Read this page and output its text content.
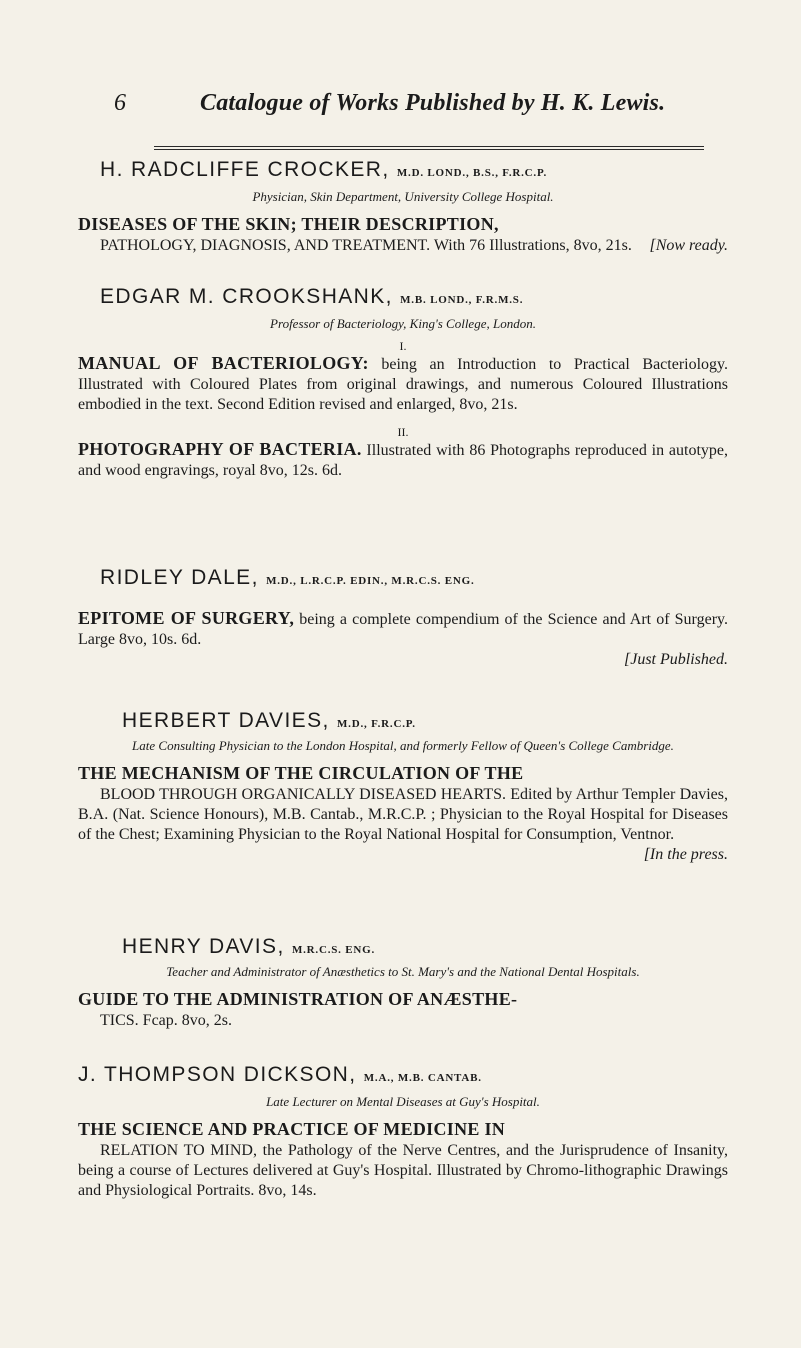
6	Catalogue of Works Published by H. K. Lewis.
H. RADCLIFFE CROCKER, M.D. LOND., B.S., F.R.C.P.
Physician, Skin Department, University College Hospital.

DISEASES OF THE SKIN; THEIR DESCRIPTION,
PATHOLOGY, DIAGNOSIS, AND TREATMENT. With 76 Illustrations, 8vo, 21s. [Now ready.

EDGAR M. CROOKSHANK, M.B. LOND., F.R.M.S.
Professor of Bacteriology, King's College, London.
I.

MANUAL OF BACTERIOLOGY: being an Introduction to Practical Bacteriology. Illustrated with Coloured Plates from original drawings, and numerous Coloured Illustrations embodied in the text. Second Edition revised and enlarged, 8vo, 21s.

II.

PHOTOGRAPHY OF BACTERIA. Illustrated with 86 Photographs reproduced in autotype, and wood engravings, royal 8vo, 12s. 6d.

RIDLEY DALE, M.D., L.R.C.P. EDIN., M.R.C.S. ENG.

EPITOME OF SURGERY, being a complete compendium of the Science and Art of Surgery. Large 8vo, 10s. 6d.

[Just Published.

HERBERT DAVIES, M.D., F.R.C.P.
Late Consulting Physician to the London Hospital, and formerly Fellow of Queen's College Cambridge.

THE MECHANISM OF THE CIRCULATION OF THE
BLOOD THROUGH ORGANICALLY DISEASED HEARTS. Edited by Arthur Templer Davies, B.A. (Nat. Science Honours), M.B. Cantab., M.R.C.P. ; Physician to the Royal Hospital for Diseases of the Chest; Examining Physician to the Royal National Hospital for Consumption, Ventnor.
[In the press.

HENRY DAVIS, M.R.C.S. ENG.
Teacher and Administrator of Anæsthetics to St. Mary's and the National Dental Hospitals.

GUIDE TO THE ADMINISTRATION OF ANÆSTHE-
TICS. Fcap. 8vo, 2s.

J. THOMPSON DICKSON, M.A., M.B. CANTAB.
Late Lecturer on Mental Diseases at Guy's Hospital.

THE SCIENCE AND PRACTICE OF MEDICINE IN
RELATION TO MIND, the Pathology of the Nerve Centres, and the Jurisprudence of Insanity, being a course of Lectures delivered at Guy's Hospital. Illustrated by Chromo-lithographic Drawings and Physiological Portraits. 8vo, 14s.
